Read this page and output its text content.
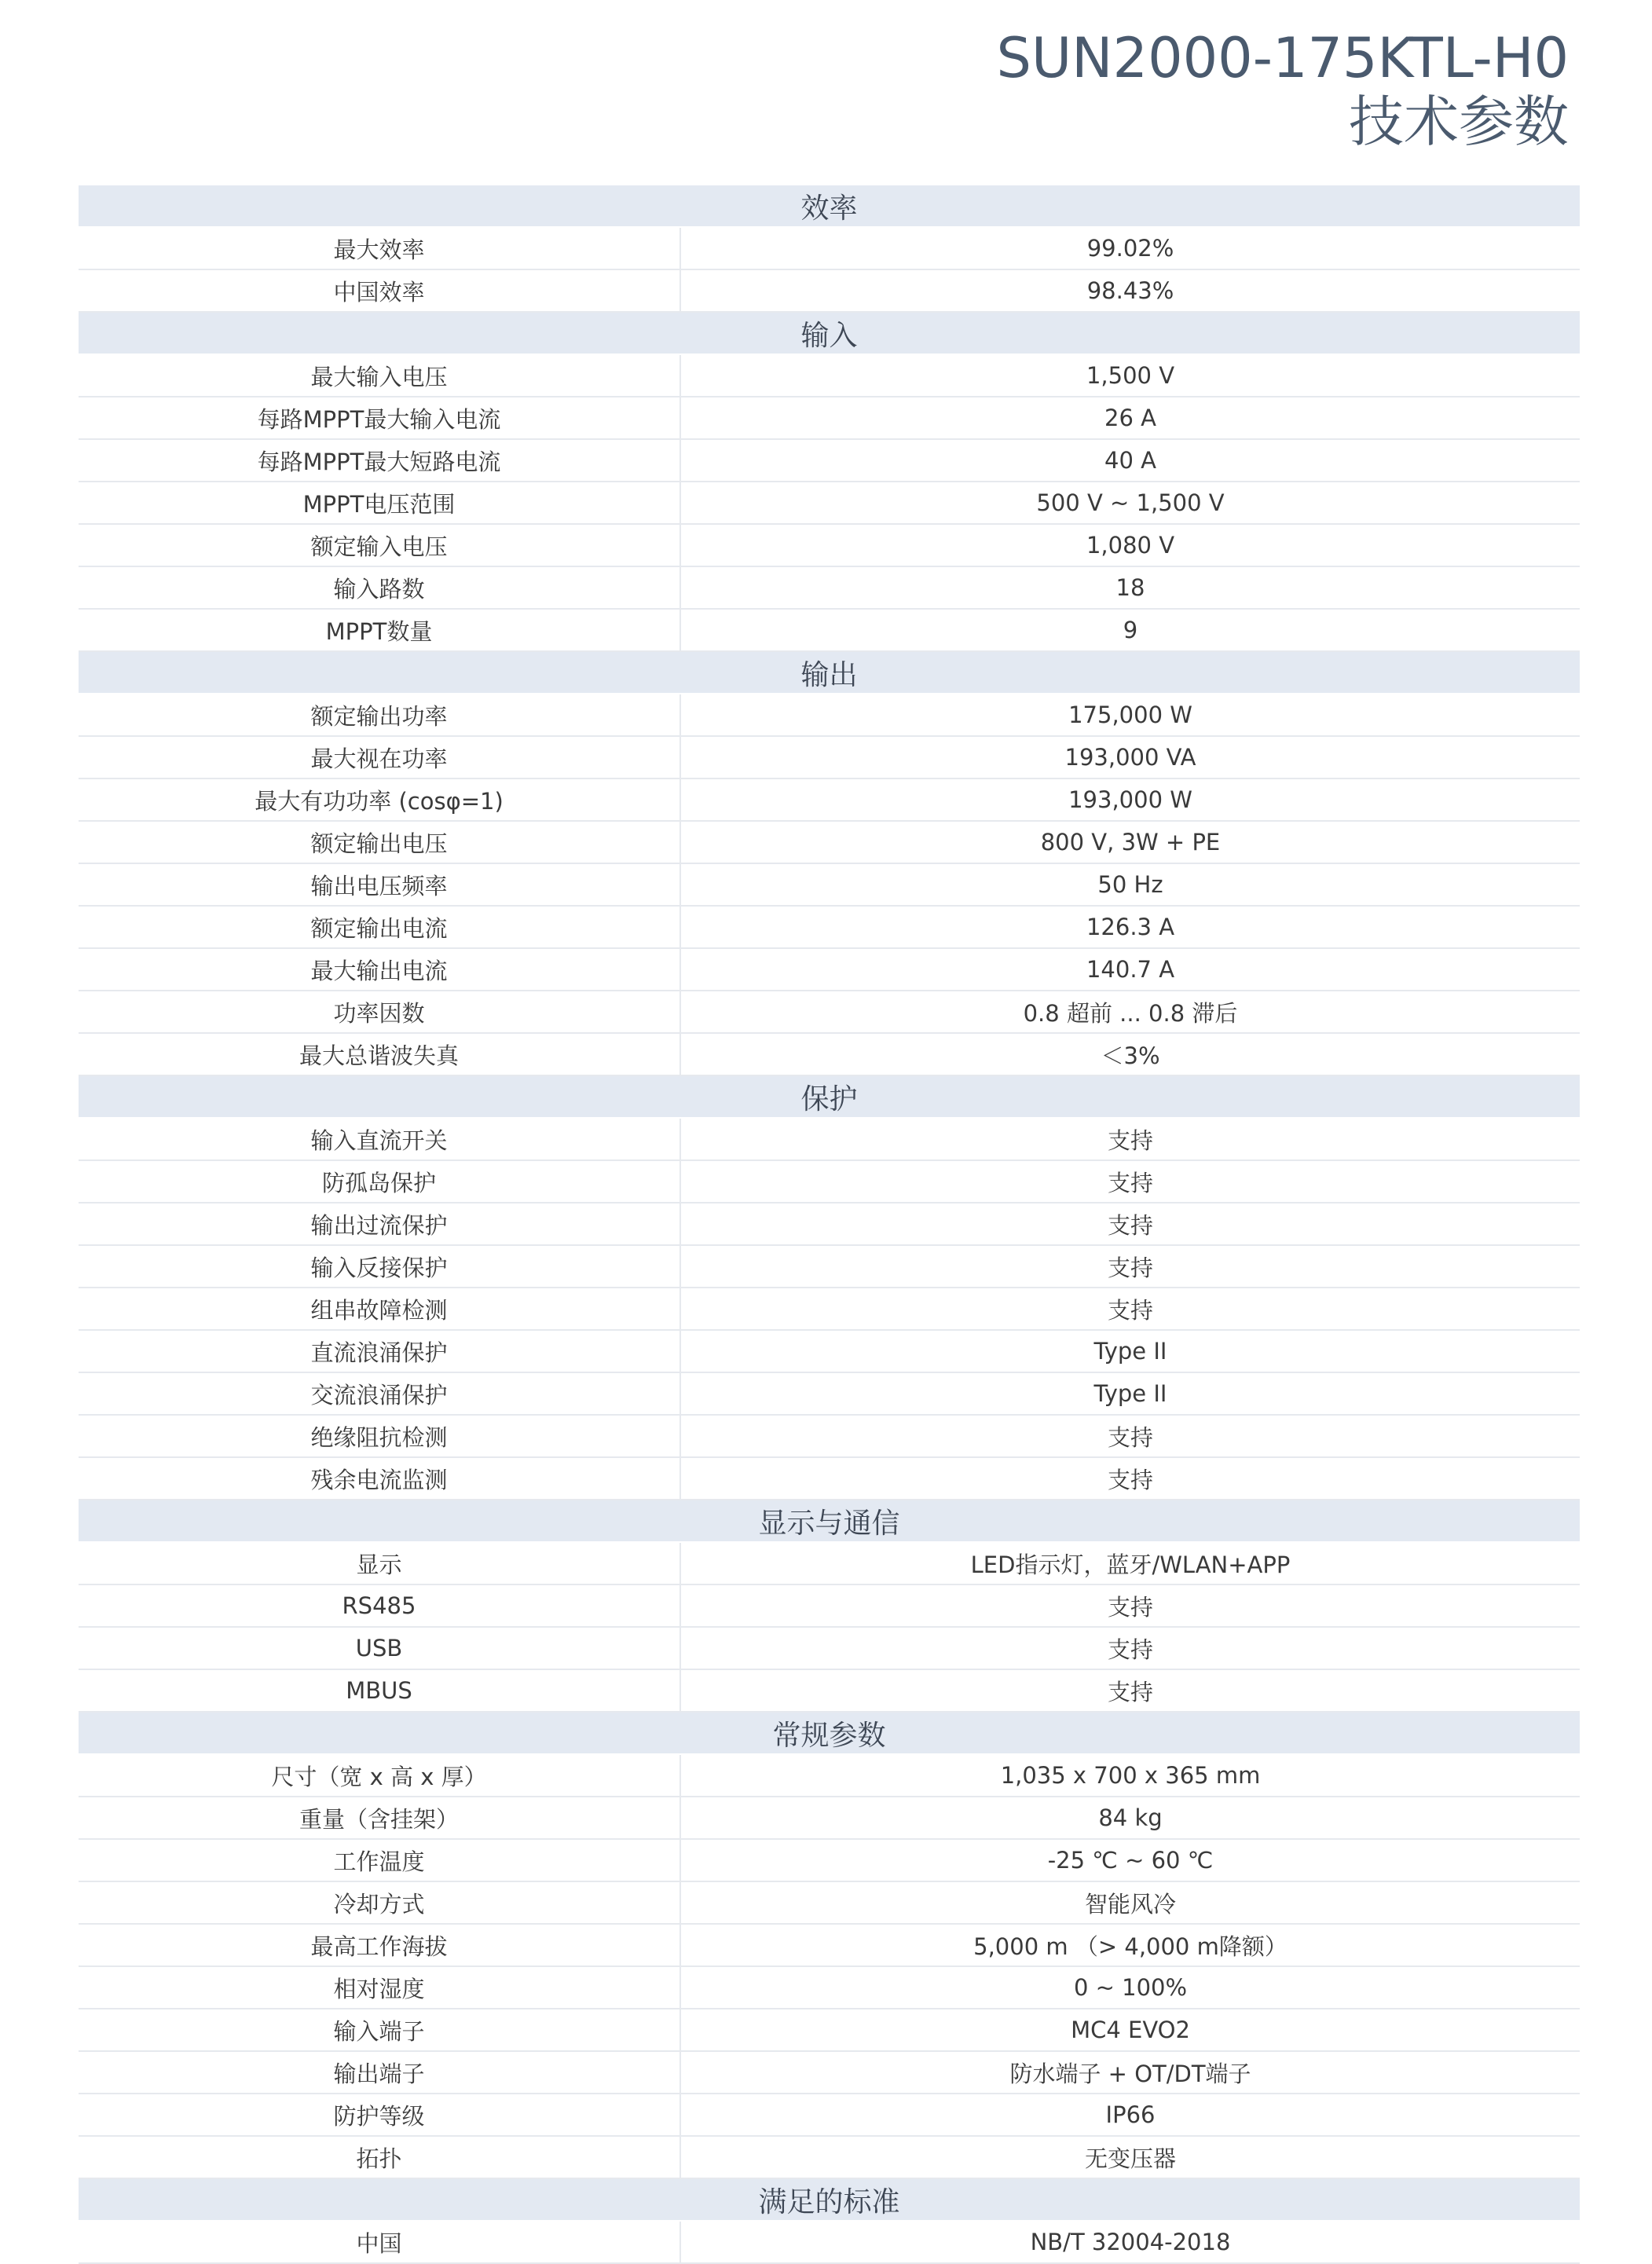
SUN2000-175KTL-H0
技术参数
效率	
最大效率	99.02%
中国效率	98.43%
输入	
最大输入电压	1,500 V
每路MPPT最大输入电流	26 A
每路MPPT最大短路电流	40 A
MPPT电压范围	500 V ~ 1,500 V
额定输入电压	1,080 V
输入路数	18
MPPT数量	9
输出	
额定输出功率	175,000 W
最大视在功率	193,000 VA
最大有功功率 (cosφ=1)	193,000 W
额定输出电压	800 V, 3W + PE
输出电压频率	50 Hz
额定输出电流	126.3 A
最大输出电流	140.7 A
功率因数	0.8 超前 ... 0.8 滞后
最大总谐波失真	＜3%
保护	
输入直流开关	支持
防孤岛保护	支持
输出过流保护	支持
输入反接保护	支持
组串故障检测	支持
直流浪涌保护	Type II
交流浪涌保护	Type II
绝缘阻抗检测	支持
残余电流监测	支持
显示与通信	
显示	LED指示灯，蓝牙/WLAN+APP
RS485	支持
USB	支持
MBUS	支持
常规参数	
尺寸（宽 x 高 x 厚）	1,035 x 700 x 365 mm
重量（含挂架）	84 kg
工作温度	-25 ℃ ~ 60 ℃
冷却方式	智能风冷
最高工作海拔	5,000 m （> 4,000 m降额）
相对湿度	0 ~ 100%
输入端子	MC4 EVO2
输出端子	防水端子 + OT/DT端子
防护等级	IP66
拓扑	无变压器
满足的标准	
中国	NB/T 32004-2018
